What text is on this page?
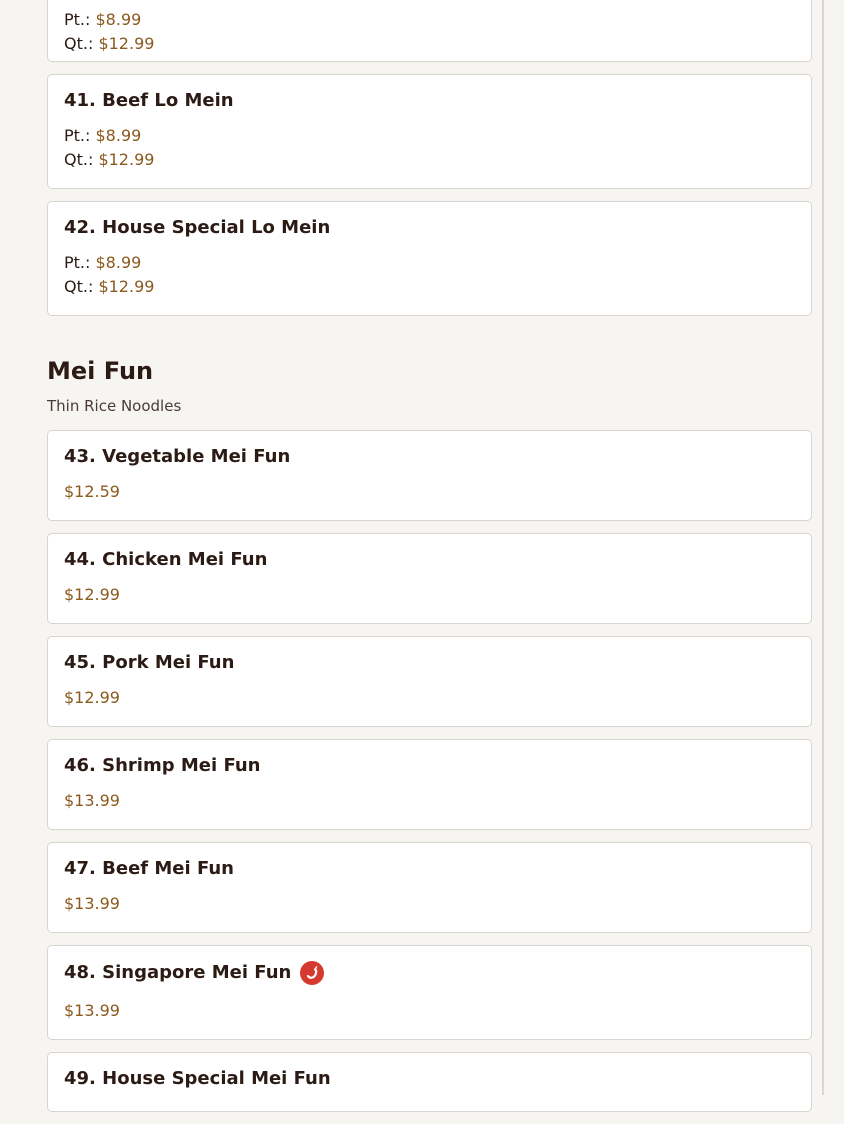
Pt.: $8.99
Qt.: $12.99
41. Beef Lo Mein
Pt.: $8.99
Qt.: $12.99
42. House Special Lo Mein
Pt.: $8.99
Qt.: $12.99
Mei Fun
Thin Rice Noodles
43. Vegetable Mei Fun
$12.59
44. Chicken Mei Fun
$12.99
45. Pork Mei Fun
$12.99
46. Shrimp Mei Fun
$13.99
47. Beef Mei Fun
$13.99
48. Singapore Mei Fun
$13.99
49. House Special Mei Fun
